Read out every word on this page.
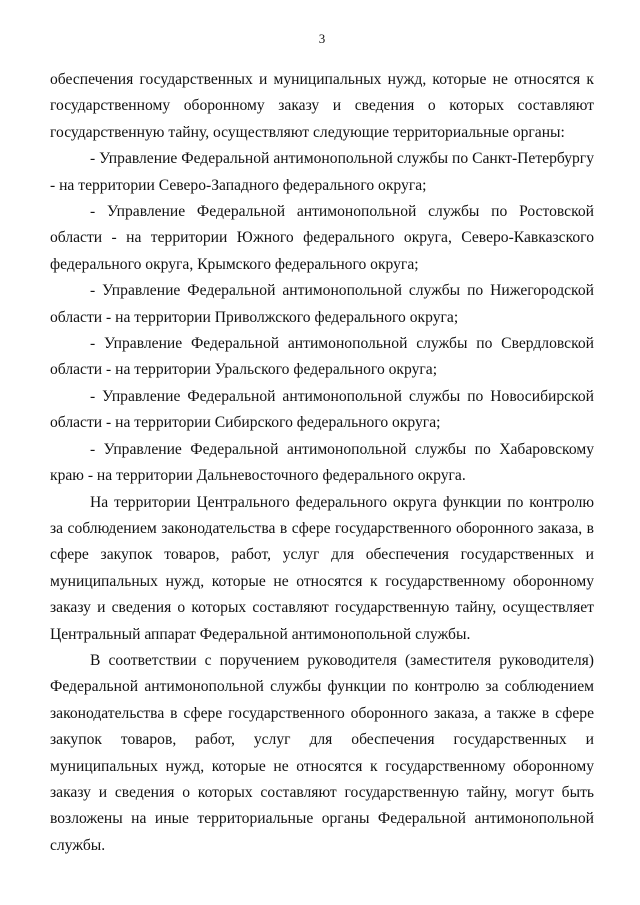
3

обеспечения государственных и муниципальных нужд, которые не относятся к государственному оборонному заказу и сведения о которых составляют государственную тайну, осуществляют следующие территориальные органы:

- Управление Федеральной антимонопольной службы по Санкт-Петербургу - на территории Северо-Западного федерального округа;

- Управление Федеральной антимонопольной службы по Ростовской области - на территории Южного федерального округа, Северо-Кавказского федерального округа, Крымского федерального округа;

- Управление Федеральной антимонопольной службы по Нижегородской области - на территории Приволжского федерального округа;

- Управление Федеральной антимонопольной службы по Свердловской области - на территории Уральского федерального округа;

- Управление Федеральной антимонопольной службы по Новосибирской области - на территории Сибирского федерального округа;

- Управление Федеральной антимонопольной службы по Хабаровскому краю - на территории Дальневосточного федерального округа.

На территории Центрального федерального округа функции по контролю за соблюдением законодательства в сфере государственного оборонного заказа, в сфере закупок товаров, работ, услуг для обеспечения государственных и муниципальных нужд, которые не относятся к государственному оборонному заказу и сведения о которых составляют государственную тайну, осуществляет Центральный аппарат Федеральной антимонопольной службы.

В соответствии с поручением руководителя (заместителя руководителя) Федеральной антимонопольной службы функции по контролю за соблюдением законодательства в сфере государственного оборонного заказа, а также в сфере закупок товаров, работ, услуг для обеспечения государственных и муниципальных нужд, которые не относятся к государственному оборонному заказу и сведения о которых составляют государственную тайну, могут быть возложены на иные территориальные органы Федеральной антимонопольной службы.
